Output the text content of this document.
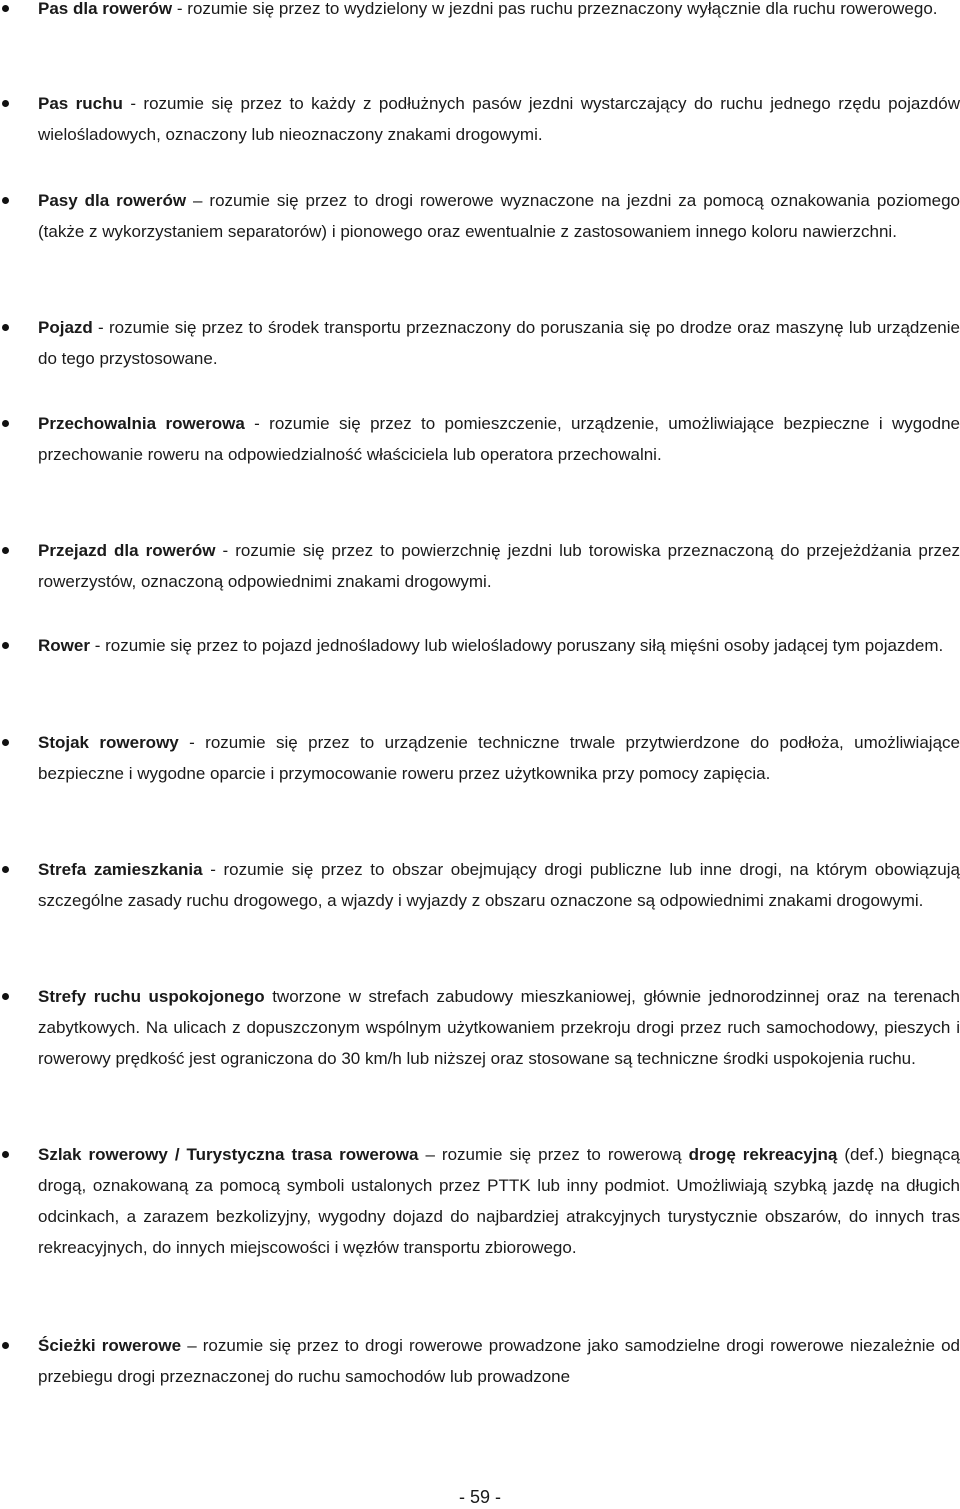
Pas dla rowerów - rozumie się przez to wydzielony w jezdni pas ruchu przeznaczony wyłącznie dla ruchu rowerowego.
Pas ruchu - rozumie się przez to każdy z podłużnych pasów jezdni wystarczający do ruchu jednego rzędu pojazdów wielośladowych, oznaczony lub nieoznaczony znakami drogowymi.
Pasy dla rowerów – rozumie się przez to drogi rowerowe wyznaczone na jezdni za pomocą oznakowania poziomego (także z wykorzystaniem separatorów) i pionowego oraz ewentualnie z zastosowaniem innego koloru nawierzchni.
Pojazd - rozumie się przez to środek transportu przeznaczony do poruszania się po drodze oraz maszynę lub urządzenie do tego przystosowane.
Przechowalnia rowerowa - rozumie się przez to pomieszczenie, urządzenie, umożliwiające bezpieczne i wygodne przechowanie roweru na odpowiedzialność właściciela lub operatora przechowalni.
Przejazd dla rowerów - rozumie się przez to powierzchnię jezdni lub torowiska przeznaczoną do przejeżdżania przez rowerzystów, oznaczoną odpowiednimi znakami drogowymi.
Rower - rozumie się przez to pojazd jednośladowy lub wielośladowy poruszany siłą mięśni osoby jadącej tym pojazdem.
Stojak rowerowy - rozumie się przez to urządzenie techniczne trwale przytwierdzone do podłoża, umożliwiające bezpieczne i wygodne oparcie i przymocowanie roweru przez użytkownika przy pomocy zapięcia.
Strefa zamieszkania - rozumie się przez to obszar obejmujący drogi publiczne lub inne drogi, na którym obowiązują szczególne zasady ruchu drogowego, a wjazdy i wyjazdy z obszaru oznaczone są odpowiednimi znakami drogowymi.
Strefy ruchu uspokojonego tworzone w strefach zabudowy mieszkaniowej, głównie jednorodzinnej oraz na terenach zabytkowych. Na ulicach z dopuszczonym wspólnym użytkowaniem przekroju drogi przez ruch samochodowy, pieszych i rowerowy prędkość jest ograniczona do 30 km/h lub niższej oraz stosowane są techniczne środki uspokojenia ruchu.
Szlak rowerowy / Turystyczna trasa rowerowa – rozumie się przez to rowerową drogę rekreacyjną (def.) biegnącą drogą, oznakowaną za pomocą symboli ustalonych przez PTTK lub inny podmiot. Umożliwiają szybką jazdę na długich odcinkach, a zarazem bezkolizyjny, wygodny dojazd do najbardziej atrakcyjnych turystycznie obszarów, do innych tras rekreacyjnych, do innych miejscowości i węzłów transportu zbiorowego.
Ścieżki rowerowe – rozumie się przez to drogi rowerowe prowadzone jako samodzielne drogi rowerowe niezależnie od przebiegu drogi przeznaczonej do ruchu samochodów lub prowadzone
- 59 -
